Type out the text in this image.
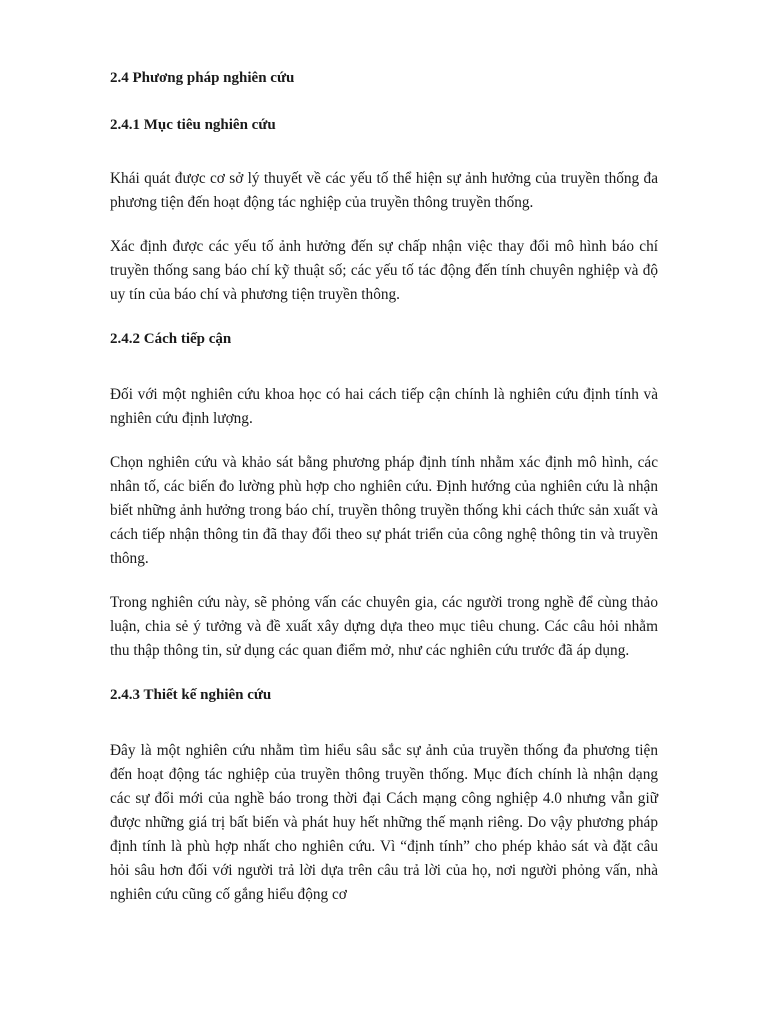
2.4 Phương pháp nghiên cứu

2.4.1 Mục tiêu nghiên cứu

Khái quát được cơ sở lý thuyết về các yếu tố thể hiện sự ảnh hưởng của truyền thống đa phương tiện đến hoạt động tác nghiệp của truyền thông truyền thống.

Xác định được các yếu tố ảnh hưởng đến sự chấp nhận việc thay đổi mô hình báo chí truyền thống sang báo chí kỹ thuật số; các yếu tố tác động đến tính chuyên nghiệp và độ uy tín của báo chí và phương tiện truyền thông.

2.4.2 Cách tiếp cận

Đối với một nghiên cứu khoa học có hai cách tiếp cận chính là nghiên cứu định tính và nghiên cứu định lượng.

Chọn nghiên cứu và khảo sát bằng phương pháp định tính nhằm xác định mô hình, các nhân tố, các biến đo lường phù hợp cho nghiên cứu. Định hướng của nghiên cứu là nhận biết những ảnh hưởng trong báo chí, truyền thông truyền thống khi cách thức sản xuất và cách tiếp nhận thông tin đã thay đổi theo sự phát triển của công nghệ thông tin và truyền thông.

Trong nghiên cứu này, sẽ phỏng vấn các chuyên gia, các người trong nghề để cùng thảo luận, chia sẻ ý tưởng và đề xuất xây dựng dựa theo mục tiêu chung. Các câu hỏi nhằm thu thập thông tin, sử dụng các quan điểm mở, như các nghiên cứu trước đã áp dụng.

2.4.3 Thiết kế nghiên cứu

Đây là một nghiên cứu nhằm tìm hiểu sâu sắc sự ảnh của truyền thống đa phương tiện đến hoạt động tác nghiệp của truyền thông truyền thống. Mục đích chính là nhận dạng các sự đổi mới của nghề báo trong thời đại Cách mạng công nghiệp 4.0 nhưng vẫn giữ được những giá trị bất biến và phát huy hết những thế mạnh riêng. Do vậy phương pháp định tính là phù hợp nhất cho nghiên cứu. Vì “định tính” cho phép khảo sát và đặt câu hỏi sâu hơn đối với người trả lời dựa trên câu trả lời của họ, nơi người phỏng vấn, nhà nghiên cứu cũng cố gắng hiểu động cơ
